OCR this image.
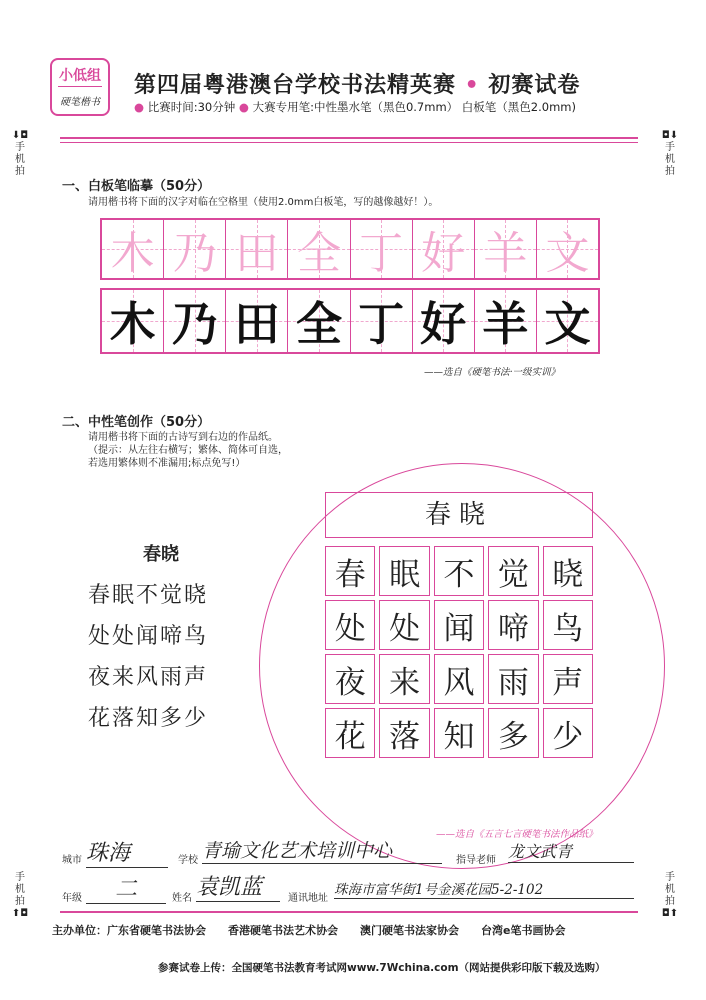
小低组
硬笔楷书
第四届粤港澳台学校书法精英赛 • 初赛试卷
● 比赛时间:30分钟 ● 大赛专用笔:中性墨水笔（黑色0.7mm） 白板笔（黑色2.0mm)
⬇◘
手
机
拍
◘⬇
手
机
拍
手
机
拍
⬆◘
手
机
拍
◘⬆
一、白板笔临摹（50分）
请用楷书将下面的汉字对临在空格里（使用2.0mm白板笔，写的越像越好！）。
木 乃 田 全 丁 好 羊 文
木 乃 田 全 丁 好 羊 文
——选自《硬笔书法·一级实训》
二、中性笔创作（50分）
请用楷书将下面的古诗写到右边的作品纸。
（提示：从左往右横写；繁体、简体可自选，
若选用繁体则不准漏用;标点免写!）
春晓
春眠不觉晓
处处闻啼鸟
夜来风雨声
花落知多少
春晓
春 眠 不 觉 晓
处 处 闻 啼 鸟
夜 来 风 雨 声
花 落 知 多 少
——选自《五言七言硬笔书法作品纸》
城市 珠海	学校 青瑜文化艺术培训中心	指导老师 龙文武青
年级	二	姓名 袁凯蓝	通讯地址
珠海市富华街1号金溪花园5-2-102
主办单位：广东省硬笔书法协会　　香港硬笔书法艺术协会　　澳门硬笔书法家协会　　台湾e笔书画协会
参赛试卷上传：全国硬笔书法教育考试网www.7Wchina.com（网站提供彩印版下载及选购）
